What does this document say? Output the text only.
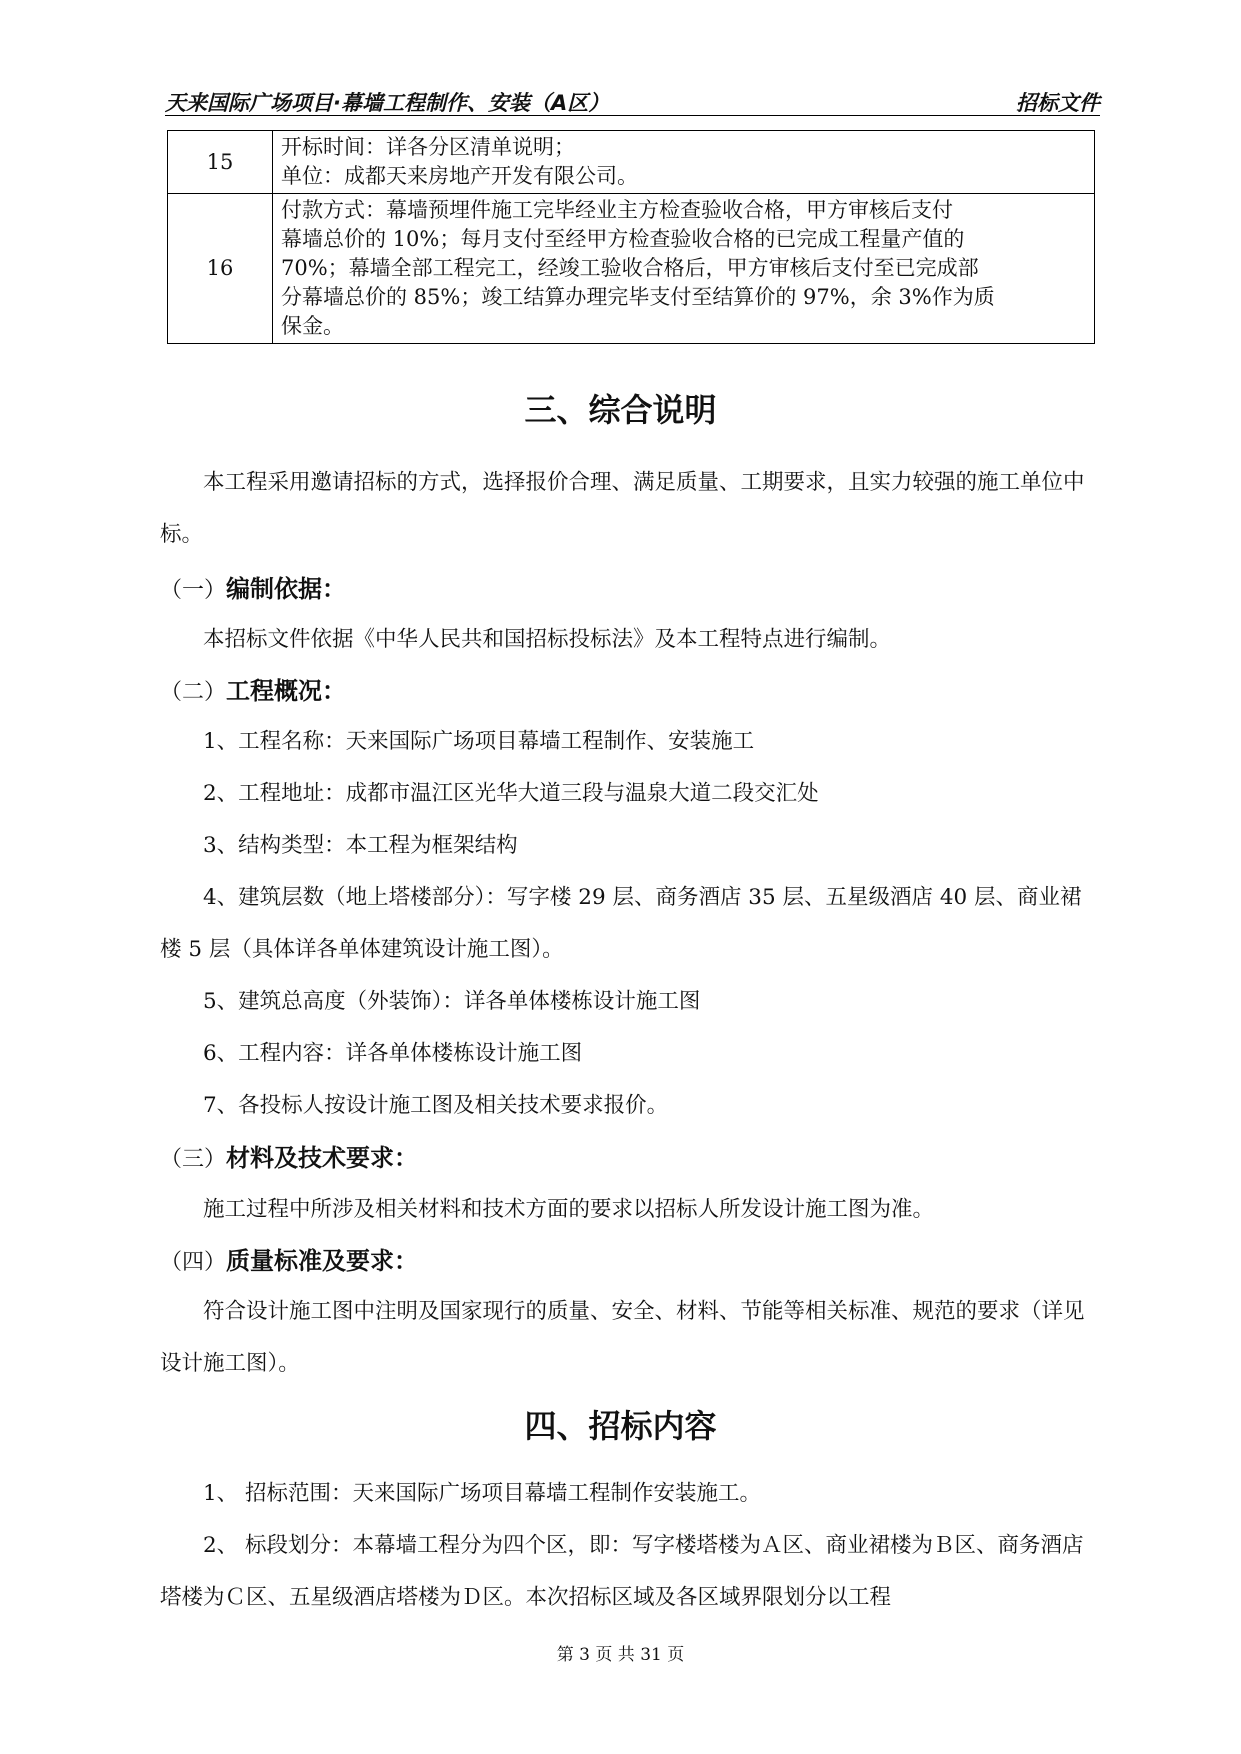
天来国际广场项目·幕墙工程制作、安装（A区）	招标文件
15	开标时间：详各分区清单说明；
单位：成都天来房地产开发有限公司。

16	付款方式：幕墙预埋件施工完毕经业主方检查验收合格，甲方审核后支付
幕墙总价的 10%；每月支付至经甲方检查验收合格的已完成工程量产值的
70%；幕墙全部工程完工，经竣工验收合格后，甲方审核后支付至已完成部
分幕墙总价的 85%；竣工结算办理完毕支付至结算价的 97%，余 3%作为质
保金。
三、综合说明

本工程采用邀请招标的方式，选择报价合理、满足质量、工期要求，且实力较强的施工单位中标。

（一）编制依据：

本招标文件依据《中华人民共和国招标投标法》及本工程特点进行编制。

（二）工程概况：

1、工程名称：天来国际广场项目幕墙工程制作、安装施工

2、工程地址：成都市温江区光华大道三段与温泉大道二段交汇处

3、结构类型：本工程为框架结构

4、建筑层数（地上塔楼部分）：写字楼 29 层、商务酒店 35 层、五星级酒店 40 层、商业裙楼 5 层（具体详各单体建筑设计施工图）。

5、建筑总高度（外装饰）：详各单体楼栋设计施工图

6、工程内容：详各单体楼栋设计施工图

7、各投标人按设计施工图及相关技术要求报价。

（三）材料及技术要求：

施工过程中所涉及相关材料和技术方面的要求以招标人所发设计施工图为准。

（四）质量标准及要求：

符合设计施工图中注明及国家现行的质量、安全、材料、节能等相关标准、规范的要求（详见设计施工图）。

四、招标内容

1、 招标范围：天来国际广场项目幕墙工程制作安装施工。

2、 标段划分：本幕墙工程分为四个区，即：写字楼塔楼为Ａ区、商业裙楼为Ｂ区、商务酒店塔楼为Ｃ区、五星级酒店塔楼为Ｄ区。本次招标区域及各区域界限划分以工程

第 3 页 共 31 页
